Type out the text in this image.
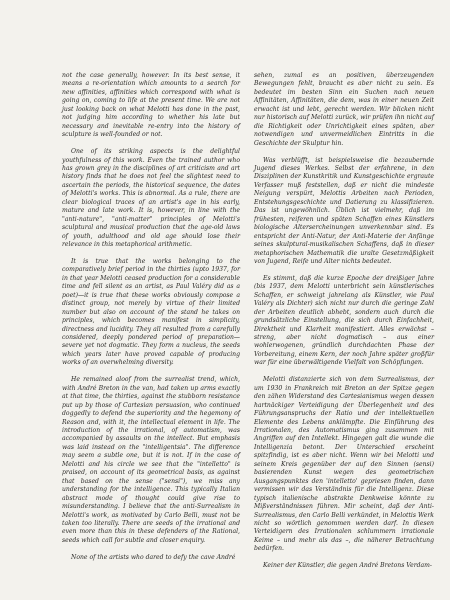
not the case generally, however. In its best sense, it means a re-orientation which amounts to a search for new affinities, affinities which correspond with what is going on, coming to life at the present time. We are not just looking back on what Melotti has done in the past, not judging him according to whether his late but necessary and inevitable re-entry into the history of sculpture is well-founded or not.

One of its striking aspects is the delightful youthfulness of this work. Even the trained author who has grown grey in the disciplines of art criticism and art history finds that he does not feel the slightest need to ascertain the periods, the historical sequence, the dates of Melotti's works. This is abnormal. As a rule, there are clear biological traces of an artist's age in his early, mature and late work. It is, however, in line with the "anti-nature", "anti-matter" principles of Melotti's sculptural and musical production that the age-old laws of youth, adulthood and old age should lose their relevance in this metaphorical arithmetic.

It is true that the works belonging to the comparatively brief period in the thirties (upto 1937, for in that year Melotti ceased production for a considerable time and fell silent as an artist, as Paul Valéry did as a poet)—it is true that these works obviously compose a distinct group, not merely by virtue of their limited number but also on account of the stand he takes on principles, which becomes manifest in simplicity, directness and lucidity. They all resulted from a carefully considered, deeply pondered period of preparation—severe yet not dogmatic. They form a nucleus, the seeds which years later have proved capable of producing works of an overwhelming diversity.

He remained aloof from the surrealist trend, which, with André Breton in the van, had taken up arms exactly at that time, the thirties, against the stubborn resistance put up by those of Cartesian persuasion, who continued doggedly to defend the superiority and the hegemony of Reason and, with it, the intellectual element in life. The introduction of the irrational, of automatism, was accompanied by assaults on the intellect. But emphasis was laid instead on the "intelligentsia". The difference may seem a subtle one, but it is not. If in the case of Melotti and his circle we see that the "intelletto" is praised, on account of its geometrical basis, as against that based on the sense ("sensi"), we miss any understanding for the intelligence. This typically Italian abstract mode of thought could give rise to misunderstanding. I believe that the anti-Surrealism in Melotti's work, as motivated by Carlo Belli, must not be taken too literally. There are seeds of the irrational and even more than this in these defenders of the Rational, seeds which call for subtle and closer enquiry.

None of the artists who dared to defy the cave André

sehen, zumal es an positiven, überzeugenden Bewegungen fehlt, braucht es aber nicht zu sein. Es bedeutet im besten Sinn ein Suchen nach neuen Affinitäten, Affinitäten, die dem, was in einer neuen Zeit erwacht ist und lebt, gerecht werden. Wir blicken nicht nur historisch auf Melotti zurück, wir prüfen ihn nicht auf die Richtigkeit oder Unrichtigkeit eines späten, aber notwendigen und unvermeidlichen Eintritts in die Geschichte der Skulptur hin.

Was verblüfft, ist beispielsweise die bezaubernde Jugend dieses Werkes. Selbst der erfahrene, in den Disziplinen der Kunstkritik und Kunstgeschichte ergraute Verfasser muß feststellen, daß er nicht die mindeste Neigung verspürt, Melottis Arbeiten nach Perioden, Entstehungsgeschichte und Datierung zu klassifizieren. Das ist ungewöhnlich. Üblich ist vielmehr, daß im frühesten, reiferen und späten Schaffen eines Künstlers biologische Altersercheinungen unverkennbar sind. Es entspricht der Anti-Natur, der Anti-Materie der Anfänge seines skulptural-musikalischen Schaffens, daß in dieser metaphorischen Mathematik die uralte Gesetzmäßigkeit von Jugend, Reife und Alter nichts bedeutet.

Es stimmt, daß die kurze Epoche der dreißiger Jahre (bis 1937, dem Melotti unterbricht sein künstlerisches Schaffen, er schweigt jahrelang als Künstler, wie Paul Valéry als Dichter) sich nicht nur durch die geringe Zahl der Arbeiten deutlich abhebt, sondern auch durch die grundsätzliche Einstellung, die sich durch Einfachheit, Direktheit und Klarheit manifestiert. Alles erwächst – streng, aber nicht dogmatisch – aus einer wohlerwogenen, gründlich durchdachten Phase der Vorbereitung, einem Kern, der noch Jahre später großfür war für eine überwältigende Vielfalt von Schöpfungen.

Melotti distanzierte sich von dem Surrealismus, der um 1930 in Frankreich mit Breton an der Spitze gegen den zähen Widerstand des Cartesianismus wegen dessen hartnäckiger Verteidigung der Überlegenheit und des Führungsanspruchs der Ratio und der intellektuellen Elemente des Lebens anklämpfte. Die Einführung des Irrationalen, des Automatismus ging zusammen mit Angriffen auf den Intellekt. Hingegen galt die wunde die Intelligenzia betont. Der Unterschied erscheint spitzfindig, ist es aber nicht. Wenn wir bei Melotti und seinem Kreis gegenüber der auf den Sinnen (sensi) basierenden Kunst wegen des geometrischen Ausgangspunktes den 'intelletto' gepriesen finden, dann vermissen wir das Verständnis für die Intelligenz. Diese typisch italienische abstrakte Denkweise könnte zu Mißverständnissen führen. Mir scheint, daß der Anti-Surrealismus, den Carlo Belli verkündet, in Melottis Werk nicht so wörtlich genommen werden darf. In diesen Verteidigern des Irrationalen schlummern irrationale Keime – und mehr als das –, die näherer Betrachtung bedürfen.

Keiner der Künstler, die gegen André Bretons Verdam-
